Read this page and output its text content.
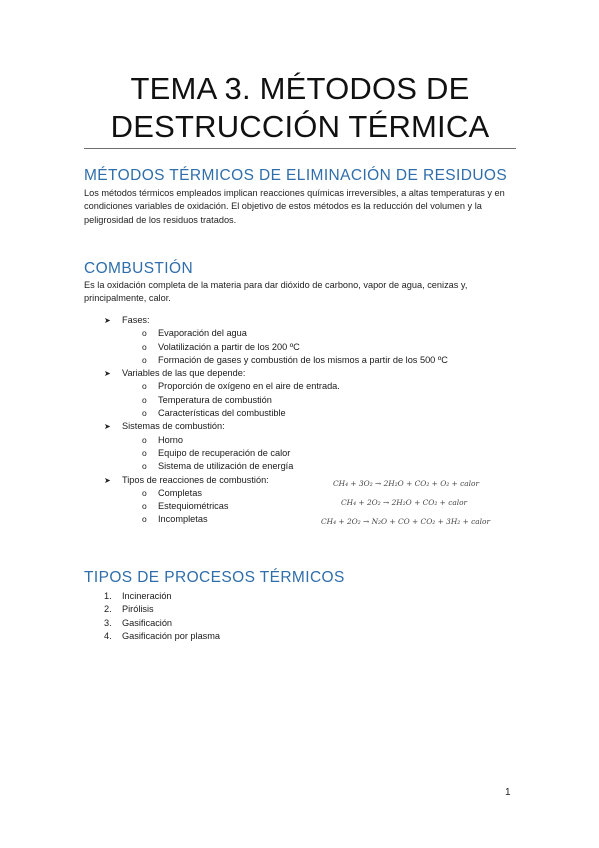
TEMA 3. MÉTODOS DE
DESTRUCCIÓN TÉRMICA
MÉTODOS TÉRMICOS DE ELIMINACIÓN DE RESIDUOS

Los métodos térmicos empleados implican reacciones químicas irreversibles, a altas temperaturas y en condiciones variables de oxidación. El objetivo de estos métodos es la reducción del volumen y la peligrosidad de los residuos tratados.

COMBUSTIÓN

Es la oxidación completa de la materia para dar dióxido de carbono, vapor de agua, cenizas y, principalmente, calor.

➤ Fases:
o Evaporación del agua
o Volatilización a partir de los 200 ºC
o Formación de gases y combustión de los mismos a partir de los 500 ºC
➤ Variables de las que depende:
o Proporción de oxígeno en el aire de entrada.
o Temperatura de combustión
o Características del combustible
➤ Sistemas de combustión:
o Horno
o Equipo de recuperación de calor
o Sistema de utilización de energía
➤ Tipos de reacciones de combustión:
o Completas
o Estequiométricas
o Incompletas
CH₄ + 3O₂ → 2H₂O + CO₂ + O₂ + calor
CH₄ + 2O₂ → 2H₂O + CO₂ + calor
CH₄ + 2O₂ → N₂O + CO + CO₂ + 3H₂ + calor
TIPOS DE PROCESOS TÉRMICOS
1. Incineración
2. Pirólisis
3. Gasificación
4. Gasificación por plasma
1
